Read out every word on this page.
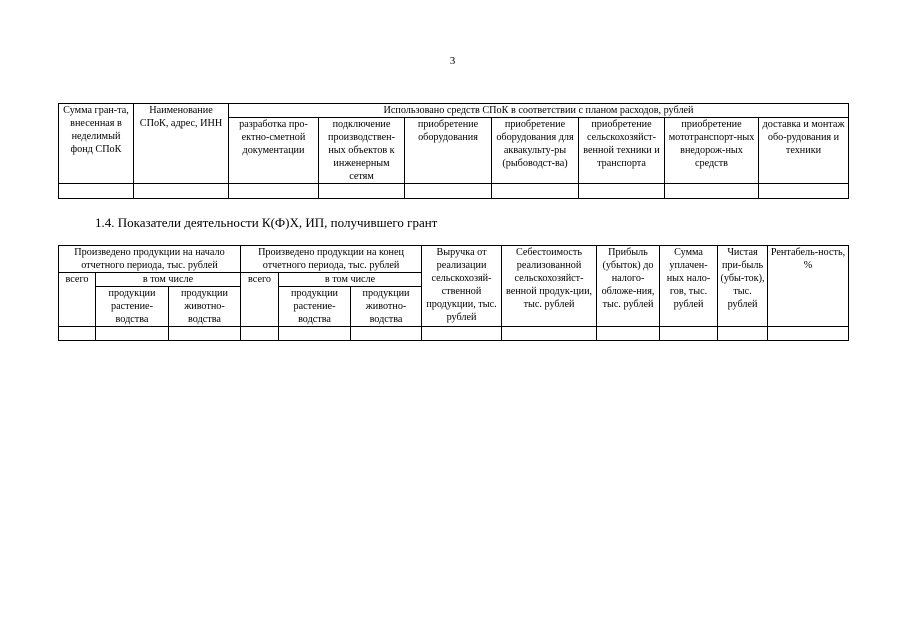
3
Сумма гран-та, внесенная в неделимый фонд СПоК	Наименование СПоК, адрес, ИНН	Использовано средств СПоК в соответствии с планом расходов, рублей						
		разработка про-ектно-сметной документации	подключение производствен-ных объектов к инженерным сетям	приобретение оборудования	приобретение оборудования для аквакульту-ры (рыбоводст-ва)	приобретение сельскохозяйст-венной техники и транспорта	приобретение мототранспорт-ных внедорож-ных средств	доставка и монтаж обо-рудования и техники

1.4. Показатели деятельности К(Ф)Х, ИП, получившего грант
Произведено продукции на начало отчетного периода, тыс. рублей			Произведено продукции на конец отчетного периода, тыс. рублей			Выручка от реализации сельскохозяй-ственной продукции, тыс. рублей	Себестоимость реализованной сельскохозяйст-венной продук-ции, тыс. рублей	Прибыль (убыток) до налого-обложе-ния, тыс. рублей	Сумма уплачен-ных нало-гов, тыс. рублей	Чистая при-быль (убы-ток), тыс. рублей	Рентабель-ность, %
всего	в том числе		всего	в том числе							
	продукции растение-водства	продукции животно-водства		продукции растение-водства	продукции животно-водства						
